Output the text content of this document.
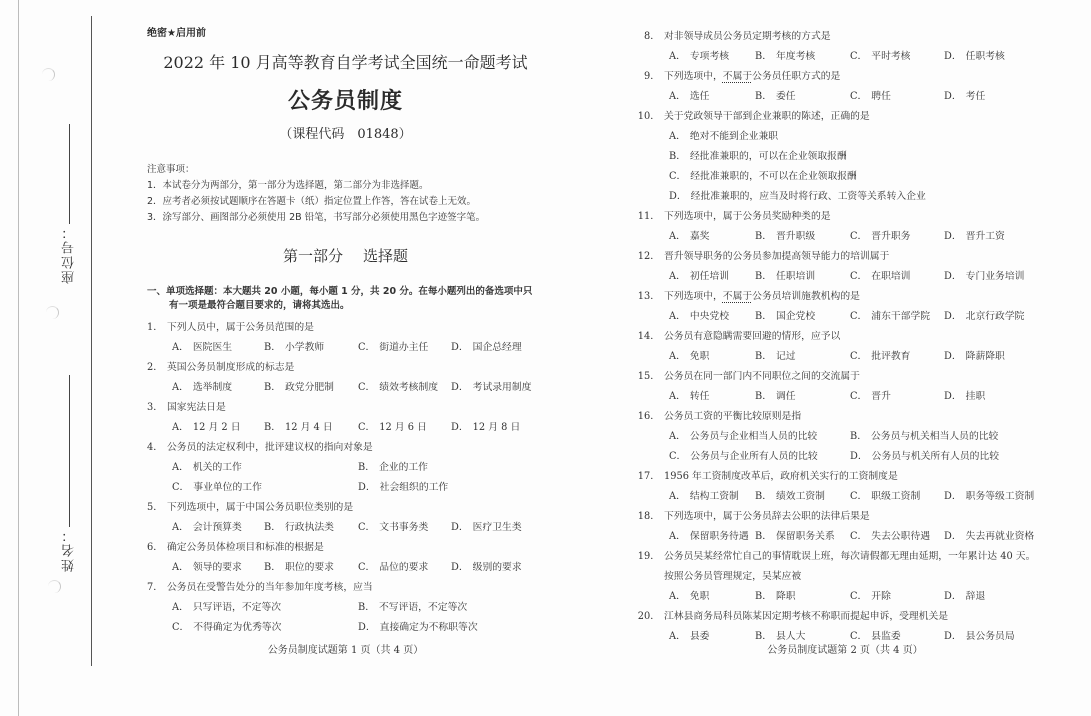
座位号：
姓名：
绝密★启用前
2022 年 10 月高等教育自学考试全国统一命题考试
公务员制度
（课程代码　01848）
注意事项：
1．本试卷分为两部分，第一部分为选择题，第二部分为非选择题。
2．应考者必须按试题顺序在答题卡（纸）指定位置上作答，答在试卷上无效。
3．涂写部分、画图部分必须使用 2B 铅笔，书写部分必须使用黑色字迹签字笔。
第一部分 选择题
一、单项选择题：本大题共 20 小题，每小题 1 分，共 20 分。在每小题列出的备选项中只
有一项是最符合题目要求的，请将其选出。
1． 下列人员中，属于公务员范围的是
A． 医院医生	B． 小学教师	C． 街道办主任 D． 国企总经理
2． 英国公务员制度形成的标志是
A． 选举制度	B． 政党分肥制 C． 绩效考核制度 D． 考试录用制度
3． 国家宪法日是
A． 12 月 2 日 B． 12 月 4 日	C． 12 月 6 日 D． 12 月 8 日
4． 公务员的法定权利中，批评建议权的指向对象是
A． 机关的工作	B． 企业的工作
C． 事业单位的工作	D． 社会组织的工作
5． 下列选项中，属于中国公务员职位类别的是
A． 会计预算类 B． 行政执法类 C． 文书事务类 D． 医疗卫生类
6． 确定公务员体检项目和标准的根据是
A． 领导的要求 B． 职位的要求 C． 品位的要求 D． 级别的要求
7． 公务员在受警告处分的当年参加年度考核，应当
A． 只写评语，不定等次	B． 不写评语，不定等次
C． 不得确定为优秀等次	D． 直接确定为不称职等次
公务员制度试题第 1 页（共 4 页）
8． 对非领导成员公务员定期考核的方式是
A． 专项考核	B． 年度考核	C． 平时考核	D． 任职考核
9． 下列选项中，不属于公务员任职方式的是
A． 选任	B． 委任	C． 聘任	D． 考任
10． 关于党政领导干部到企业兼职的陈述，正确的是
A． 绝对不能到企业兼职
B． 经批准兼职的，可以在企业领取报酬
C． 经批准兼职的，不可以在企业领取报酬
D． 经批准兼职的，应当及时将行政、工资等关系转入企业
11． 下列选项中，属于公务员奖励种类的是
A． 嘉奖	B． 晋升职级	C． 晋升职务	D． 晋升工资
12． 晋升领导职务的公务员参加提高领导能力的培训属于
A． 初任培训	B． 任职培训	C． 在职培训	D． 专门业务培训
13． 下列选项中，不属于公务员培训施教机构的是
A． 中央党校	B． 国企党校	C． 浦东干部学院 D． 北京行政学院
14． 公务员有意隐瞒需要回避的情形，应予以
A． 免职	B． 记过	C． 批评教育	D． 降薪降职
15． 公务员在同一部门内不同职位之间的交流属于
A． 转任	B． 调任	C． 晋升	D． 挂职
16． 公务员工资的平衡比较原则是指
A． 公务员与企业相当人员的比较	B． 公务员与机关相当人员的比较
C． 公务员与企业所有人员的比较	D． 公务员与机关所有人员的比较
17． 1956 年工资制度改革后，政府机关实行的工资制度是
A． 结构工资制 B． 绩效工资制	C． 职级工资制 D． 职务等级工资制
18． 下列选项中，属于公务员辞去公职的法律后果是
A． 保留职务待遇 B． 保留职务关系 C． 失去公职待遇 D． 失去再就业资格
19． 公务员吴某经常忙自己的事情耽误上班，每次请假都无理由延期，一年累计达 40 天。
按照公务员管理规定，吴某应被
A． 免职	B． 降职	C． 开除	D． 辞退
20． 江林县商务局科员陈某因定期考核不称职而提起申诉，受理机关是
A． 县委	B． 县人大	C． 县监委	D． 县公务员局
公务员制度试题第 2 页（共 4 页）
